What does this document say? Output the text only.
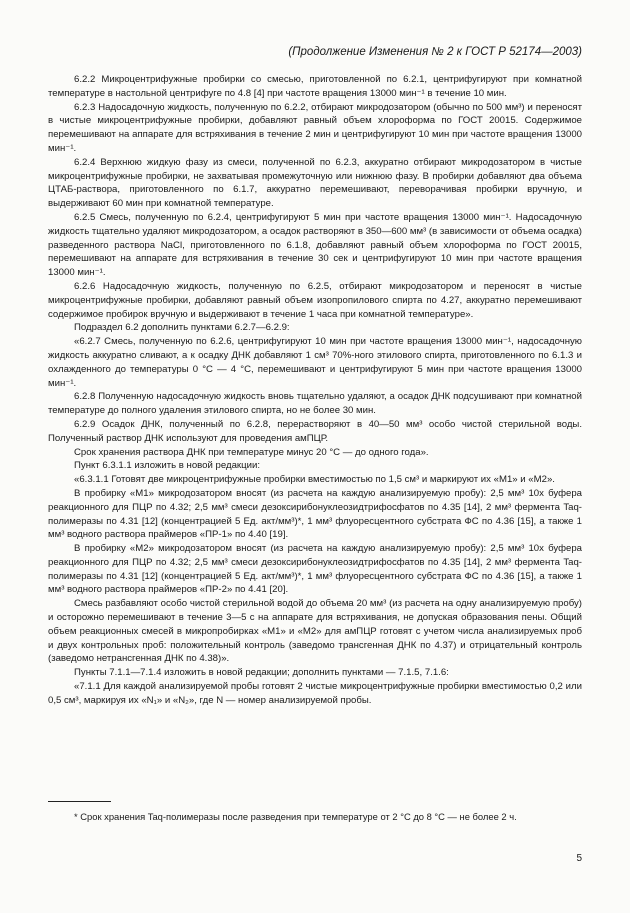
(Продолжение Изменения № 2 к ГОСТ Р 52174—2003)

6.2.2 Микроцентрифужные пробирки со смесью, приготовленной по 6.2.1, центрифугируют при комнатной температуре в настольной центрифуге по 4.8 [4] при частоте вращения 13000 мин⁻¹ в течение 10 мин.

6.2.3 Надосадочную жидкость, полученную по 6.2.2, отбирают микродозатором (обычно по 500 мм³) и переносят в чистые микроцентрифужные пробирки, добавляют равный объем хлороформа по ГОСТ 20015. Содержимое перемешивают на аппарате для встряхивания в течение 2 мин и центрифугируют 10 мин при частоте вращения 13000 мин⁻¹.

6.2.4 Верхнюю жидкую фазу из смеси, полученной по 6.2.3, аккуратно отбирают микродозатором в чистые микроцентрифужные пробирки, не захватывая промежуточную или нижнюю фазу. В пробирки добавляют два объема ЦТАБ-раствора, приготовленного по 6.1.7, аккуратно перемешивают, переворачивая пробирки вручную, и выдерживают 60 мин при комнатной температуре.

6.2.5 Смесь, полученную по 6.2.4, центрифугируют 5 мин при частоте вращения 13000 мин⁻¹. Надосадочную жидкость тщательно удаляют микродозатором, а осадок растворяют в 350—600 мм³ (в зависимости от объема осадка) разведенного раствора NaCl, приготовленного по 6.1.8, добавляют равный объем хлороформа по ГОСТ 20015, перемешивают на аппарате для встряхивания в течение 30 сек и центрифугируют 10 мин при частоте вращения 13000 мин⁻¹.

6.2.6 Надосадочную жидкость, полученную по 6.2.5, отбирают микродозатором и переносят в чистые микроцентрифужные пробирки, добавляют равный объем изопропилового спирта по 4.27, аккуратно перемешивают содержимое пробирок вручную и выдерживают в течение 1 часа при комнатной температуре».

Подраздел 6.2 дополнить пунктами 6.2.7—6.2.9:

«6.2.7 Смесь, полученную по 6.2.6, центрифугируют 10 мин при частоте вращения 13000 мин⁻¹, надосадочную жидкость аккуратно сливают, а к осадку ДНК добавляют 1 см³ 70%-ного этилового спирта, приготовленного по 6.1.3 и охлажденного до температуры 0 °C — 4 °C, перемешивают и центрифугируют 5 мин при частоте вращения 13000 мин⁻¹.

6.2.8 Полученную надосадочную жидкость вновь тщательно удаляют, а осадок ДНК подсушивают при комнатной температуре до полного удаления этилового спирта, но не более 30 мин.

6.2.9 Осадок ДНК, полученный по 6.2.8, перерастворяют в 40—50 мм³ особо чистой стерильной воды. Полученный раствор ДНК используют для проведения амПЦР.

Срок хранения раствора ДНК при температуре минус 20 °C — до одного года».

Пункт 6.3.1.1 изложить в новой редакции:

«6.3.1.1 Готовят две микроцентрифужные пробирки вместимостью по 1,5 см³ и маркируют их «М1» и «М2».

В пробирку «М1» микродозатором вносят (из расчета на каждую анализируемую пробу): 2,5 мм³ 10х буфера реакционного для ПЦР по 4.32; 2,5 мм³ смеси дезоксирибонуклеозидтрифосфатов по 4.35 [14], 2 мм³ фермента Taq-полимеразы по 4.31 [12] (концентрацией 5 Ед. акт/мм³)*, 1 мм³ флуоресцентного субстрата ФС по 4.36 [15], а также 1 мм³ водного раствора праймеров «ПР-1» по 4.40 [19].

В пробирку «М2» микродозатором вносят (из расчета на каждую анализируемую пробу): 2,5 мм³ 10х буфера реакционного для ПЦР по 4.32; 2,5 мм³ смеси дезоксирибонуклеозидтрифосфатов по 4.35 [14], 2 мм³ фермента Taq-полимеразы по 4.31 [12] (концентрацией 5 Ед. акт/мм³)*, 1 мм³ флуоресцентного субстрата ФС по 4.36 [15], а также 1 мм³ водного раствора праймеров «ПР-2» по 4.41 [20].

Смесь разбавляют особо чистой стерильной водой до объема 20 мм³ (из расчета на одну анализируемую пробу) и осторожно перемешивают в течение 3—5 с на аппарате для встряхивания, не допуская образования пены. Общий объем реакционных смесей в микропробирках «М1» и «М2» для амПЦР готовят с учетом числа анализируемых проб и двух контрольных проб: положительный контроль (заведомо трансгенная ДНК по 4.37) и отрицательный контроль (заведомо нетрансгенная ДНК по 4.38)».

Пункты 7.1.1—7.1.4 изложить в новой редакции; дополнить пунктами — 7.1.5, 7.1.6:

«7.1.1 Для каждой анализируемой пробы готовят 2 чистые микроцентрифужные пробирки вместимостью 0,2 или 0,5 см³, маркируя их «N₁» и «N₂», где N — номер анализируемой пробы.

* Срок хранения Taq-полимеразы после разведения при температуре от 2 °C до 8 °C — не более 2 ч.
5
